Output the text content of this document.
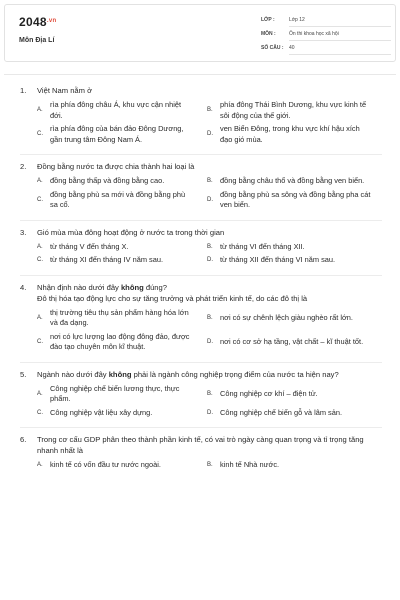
$2048^{.vn}$
Môn Địa Lí
LỚP :	Lớp 12
MÔN :	Ôn thi khoa học xã hội
SỐ CÂU : 40
1.	Việt Nam nằm ở
A.
rìa phía đông châu Á, khu vực cận nhiệt đới.
B.
phía đông Thái Bình Dương, khu vực kinh tế sôi động của thế giới.
C.
rìa phía đông của bán đảo Đông Dương, gần trung tâm Đông Nam Á.
D.
ven Biển Đông, trong khu vực khí hậu xích đạo gió mùa.
2.	Đồng bằng nước ta được chia thành hai loại là
A. đồng bằng thấp và đồng bằng cao.	B. đồng bằng châu thổ và đồng bằng ven biển.
C.
đồng bằng phù sa mới và đồng bằng phù sa cổ.
D.
đồng bằng phù sa sông và đồng bằng pha cát ven biển.
3.	Gió mùa mùa đông hoạt động ở nước ta trong thời gian
A. từ tháng V đến tháng X.	B. từ tháng VI đến tháng XII.
C. từ tháng XI đến tháng IV năm sau.	D. từ tháng XII đến tháng VI năm sau.
4.	Nhận định nào dưới đây không đúng?
Đô thị hóa tạo động lực cho sự tăng trưởng và phát triển kinh tế, do các đô thị là
A.
thị trường tiêu thụ sản phẩm hàng hóa lớn và đa dạng.
B. nơi có sự chênh lệch giàu nghèo rất lớn.
C.
nơi có lực lượng lao động đông đảo, được đào tạo chuyên môn kĩ thuật.
D. nơi có cơ sở hạ tầng, vật chất – kĩ thuật tốt.
5.	Ngành nào dưới đây không phải là ngành công nghiệp trọng điểm của nước ta hiện nay?
A.
Công nghiệp chế biến lương thực, thực phẩm.
B. Công nghiệp cơ khí – điện tử.
C. Công nghiệp vật liệu xây dựng.	D. Công nghiệp chế biến gỗ và lâm sản.
6.	Trong cơ cấu GDP phân theo thành phần kinh tế, có vai trò ngày càng quan trọng và tỉ trọng tăng nhanh nhất là
A. kinh tế có vốn đầu tư nước ngoài.	B. kinh tế Nhà nước.
